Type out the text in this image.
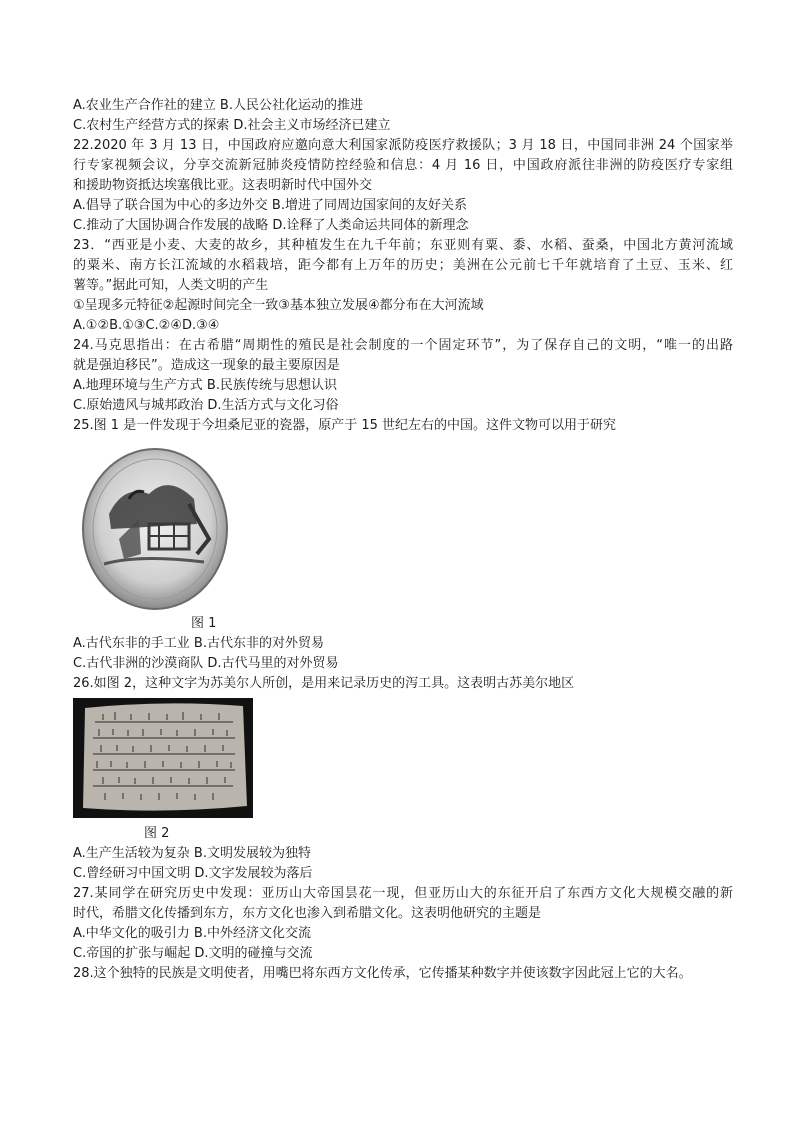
A.农业生产合作社的建立 B.人民公社化运动的推进
C.农村生产经营方式的探索 D.社会主义市场经济已建立
22.2020 年 3 月 13 日，中国政府应邀向意大利国家派防疫医疗救援队；3 月 18 日，中国同非洲 24 个国家举
行专家视频会议，分享交流新冠肺炎疫情防控经验和信息：4 月 16 日，中国政府派往非洲的防疫医疗专家组
和援助物资抵达埃塞俄比亚。这表明新时代中国外交
A.倡导了联合国为中心的多边外交 B.增进了同周边国家间的友好关系
C.推动了大国协调合作发展的战略 D.诠释了人类命运共同体的新理念
23．“西亚是小麦、大麦的故乡，其种植发生在九千年前；东亚则有粟、黍、水稻、蚕桑，中国北方黄河流域
的粟米、南方长江流域的水稻栽培，距今都有上万年的历史；美洲在公元前七千年就培育了土豆、玉米、红
薯等。”据此可知，人类文明的产生
①呈现多元特征②起源时间完全一致③基本独立发展④都分布在大河流域
A.①②B.①③C.②④D.③④
24.马克思指出：在古希腊“周期性的殖民是社会制度的一个固定环节”，为了保存自己的文明，“唯一的出路
就是强迫移民”。造成这一现象的最主要原因是
A.地理环境与生产方式 B.民族传统与思想认识
C.原始遗风与城邦政治 D.生活方式与文化习俗
25.图 1 是一件发现于今坦桑尼亚的瓷器，原产于 15 世纪左右的中国。这件文物可以用于研究
图 1
A.古代东非的手工业 B.古代东非的对外贸易
C.古代非洲的沙漠商队 D.古代马里的对外贸易
26.如图 2，这种文字为苏美尔人所创，是用来记录历史的泻工具。这表明古苏美尔地区
图 2
A.生产生活较为复杂 B.文明发展较为独特
C.曾经研习中国文明 D.文字发展较为落后
27.某同学在研究历史中发现：亚历山大帝国昙花一现，但亚历山大的东征开启了东西方文化大规模交融的新
时代，希腊文化传播到东方，东方文化也渗入到希腊文化。这表明他研究的主题是
A.中华文化的吸引力 B.中外经济文化交流
C.帝国的扩张与崛起 D.文明的碰撞与交流
28.这个独特的民族是文明使者，用嘴巴将东西方文化传承，它传播某种数字并使该数字因此冠上它的大名。
